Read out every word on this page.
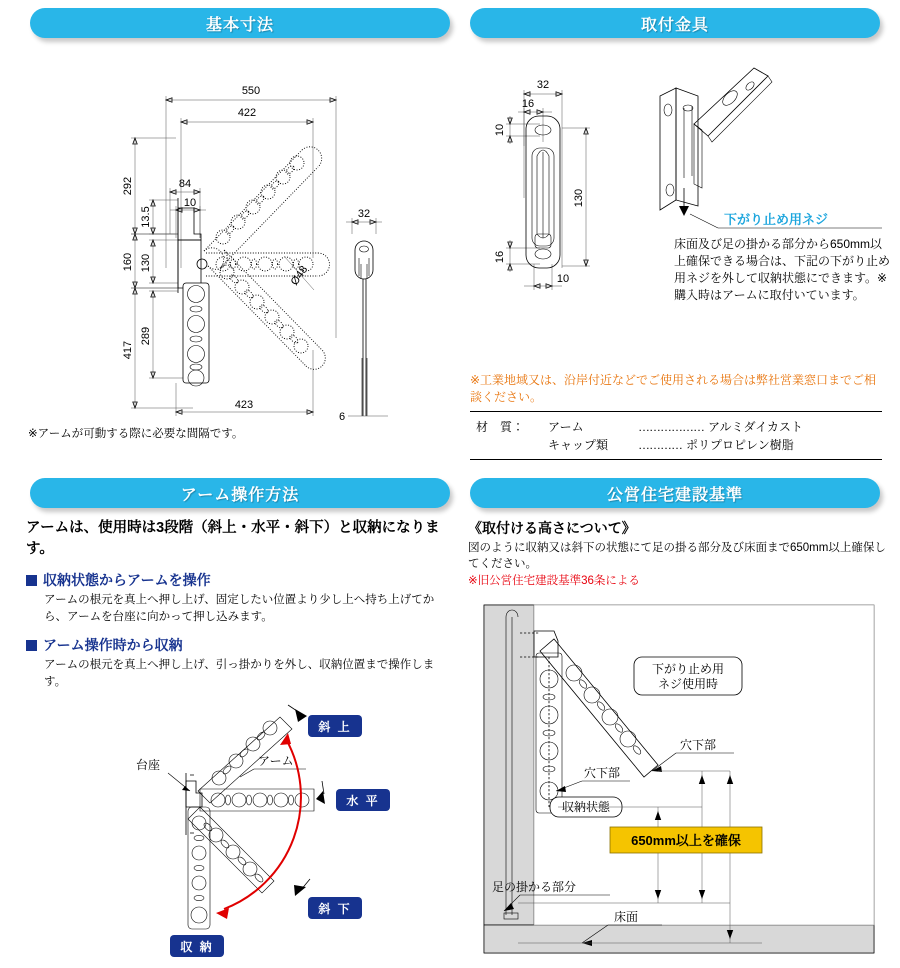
基本寸法
550
422
292
13.5
160 130
289
417
84
10
423
Ø48
32
6
※アームが可動する際に必要な間隔です。
取付金具
32
16
10
130
16
10
下がり止め用ネジ
床面及び足の掛かる部分から650mm以上確保できる場合は、下記の下がり止め用ネジを外して収納状態にできます。※購入時はアームに取付いています。
※工業地域又は、沿岸付近などでご使用される場合は弊社営業窓口までご相談ください。
材　質：	アーム	……………… アルミダイカスト
キャップ類	………… ポリプロピレン樹脂
アーム操作方法
アームは、使用時は3段階（斜上・水平・斜下）と収納になります。
収納状態からアームを操作
アームの根元を真上へ押し上げ、固定したい位置より少し上へ持ち上げてから、アームを台座に向かって押し込みます。
アーム操作時から収納
アームの根元を真上へ押し上げ、引っ掛かりを外し、収納位置まで操作します。
台座
斜 上
水 平
斜 下
収 納
アーム
公営住宅建設基準
《取付ける高さについて》
図のように収納又は斜下の状態にて足の掛る部分及び床面まで650mm以上確保してください。
※旧公営住宅建設基準36条による
下がり止め用
ネジ使用時
穴下部
穴下部
収納状態
足の掛かる部分
床面
650mm以上を確保
